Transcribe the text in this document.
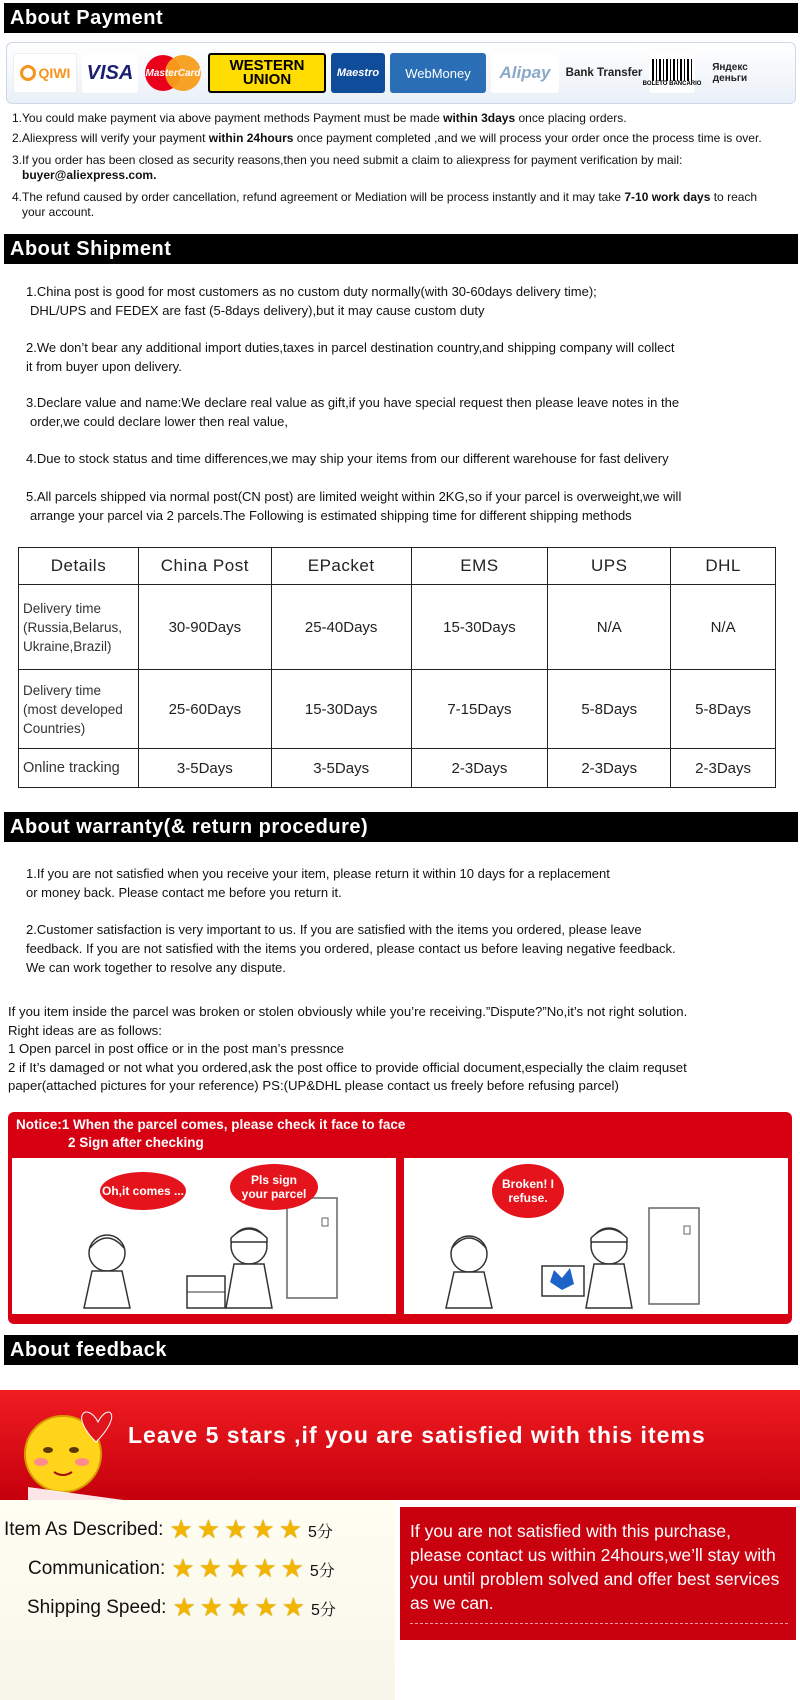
About Payment
QIWI VISA	MasterCard	WESTERN UNION	Maestro	WebMoney	Alipay	Bank Transfer
BOLETO BANCÁRIO
Яндекс деньги
1.You could make payment via above payment methods Payment must be made within 3days once placing orders.
2.Aliexpress will verify your payment within 24hours once payment completed ,and we will process your order once the process time is over.
3.If you order has been closed as security reasons,then you need submit a claim to aliexpress for payment verification by mail:
buyer@aliexpress.com.
4.The refund caused by order cancellation, refund agreement or Mediation will be process instantly and it may take 7-10 work days to reach
your account.
About Shipment
1.China post is good for most customers as no custom duty normally(with 30-60days delivery time);
DHL/UPS and FEDEX are fast (5-8days delivery),but it may cause custom duty
2.We don’t bear any additional import duties,taxes in parcel destination country,and shipping company will collect
it from buyer upon delivery.
3.Declare value and name:We declare real value as gift,if you have special request then please leave notes in the
order,we could declare lower then real value,
4.Due to stock status and time differences,we may ship your items from our different warehouse for fast delivery
5.All parcels shipped via normal post(CN post) are limited weight within 2KG,so if your parcel is overweight,we will
arrange your parcel via 2 parcels.The Following is estimated shipping time for different shipping methods
Details	China Post	EPacket	EMS	UPS	DHL

Delivery time
(Russia,Belarus,
Ukraine,Brazil)	30-90Days	25-40Days	15-30Days	N/A	N/A

Delivery time
(most developed
Countries)	25-60Days	15-30Days	7-15Days	5-8Days	5-8Days

Online tracking	3-5Days	3-5Days	2-3Days	2-3Days	2-3Days
About warranty(& return procedure)
1.If you are not satisfied when you receive your item, please return it within 10 days for a replacement
or money back. Please contact me before you return it.
2.Customer satisfaction is very important to us. If you are satisfied with the items you ordered, please leave
feedback. If you are not satisfied with the items you ordered, please contact us before leaving negative feedback.
We can work together to resolve any dispute.
If you item inside the parcel was broken or stolen obviously while you’re receiving.”Dispute?”No,it’s not right solution.
Right ideas are as follows:
1 Open parcel in post office or in the post man’s pressnce
2 if It’s damaged or not what you ordered,ask the post office to provide official document,especially the claim requset
paper(attached pictures for your reference) PS:(UP&DHL please contact us freely before refusing parcel)
Notice:1 When the parcel comes, please check it face to face
2 Sign after checking
Oh,it comes ...
Pls sign your parcel
Broken! I refuse.
About feedback
Leave 5 stars ,if you are satisfied with this items
Item As Described: ★ ★ ★ ★ ★ 5分
Communication: ★ ★ ★ ★ ★ 5分
Shipping Speed: ★ ★ ★ ★ ★ 5分
If you are not satisfied with this purchase, please contact us within 24hours,we’ll stay with you until problem solved and offer best services as we can.
